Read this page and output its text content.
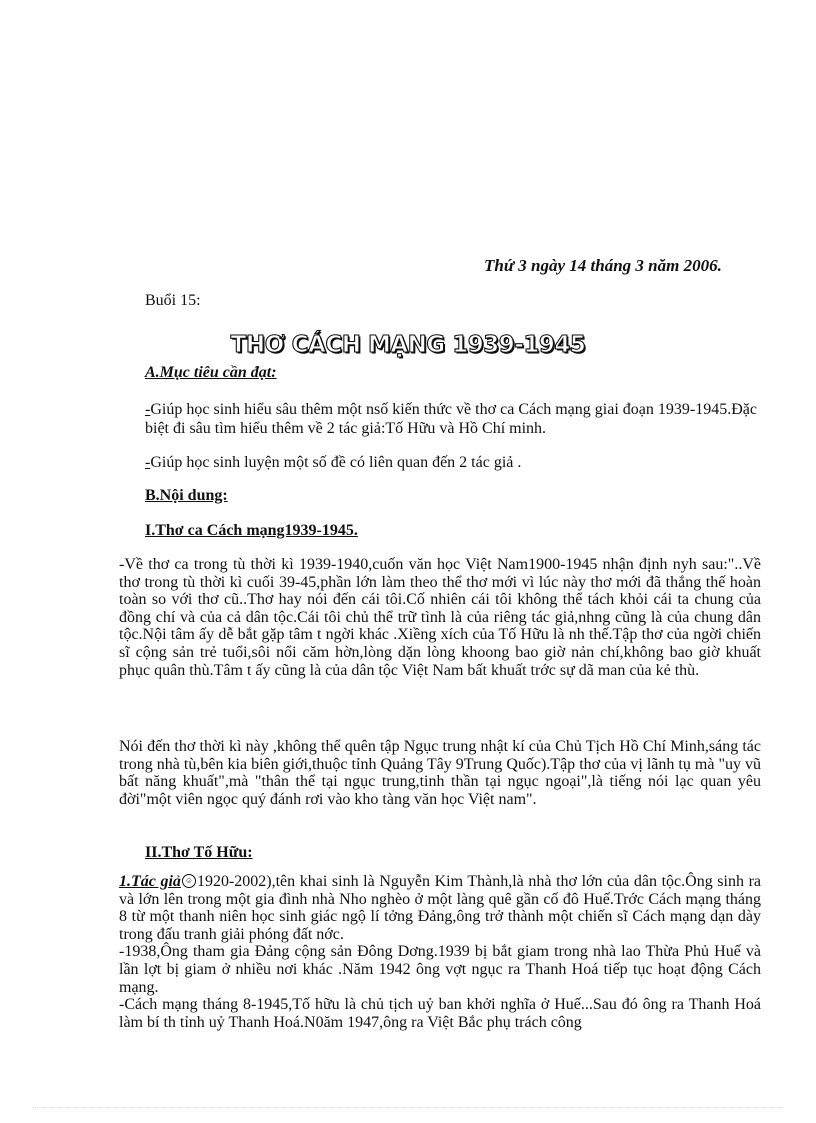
Thứ 3 ngày 14 tháng 3 năm 2006.
Buổi 15:
THƠ CÁCH MẠNG 1939-1945
A.Mục tiêu cần đạt:
-Giúp học sinh hiểu sâu thêm một nsố kiến thức về thơ ca Cách mạng giai đoạn 1939-1945.Đặc biệt đi sâu tìm hiểu thêm về 2 tác giả:Tố Hữu và Hồ Chí minh.
-Giúp học sinh luyện một số đề có liên quan đến 2 tác giả .
B.Nội dung:
I.Thơ ca Cách mạng1939-1945.
-Về thơ ca trong tù thời kì 1939-1940,cuốn văn học Việt Nam1900-1945 nhận định nyh sau:"..Về thơ trong tù thời kì cuối 39-45,phần lớn làm theo thể thơ mới vì lúc này thơ mới đã thắng thế hoàn toàn so với thơ cũ..Thơ hay nói đến cái tôi.Cố nhiên cái tôi không thể tách khỏi cái ta chung của đồng chí và của cả dân tộc.Cái tôi chủ thể trữ tình là của riêng tác giả,nhng cũng là của chung dân tộc.Nội tâm ấy dễ bắt gặp tâm t ngời khác .Xiềng xích của Tố Hữu là nh thế.Tập thơ của ngời chiến sĩ cộng sản trẻ tuổi,sôi nổi căm hờn,lòng dặn lòng khoong bao giờ nản chí,không bao giờ khuất phục quân thù.Tâm t ấy cũng là của dân tộc Việt Nam bất khuất trớc sự dã man của kẻ thù.
Nói đến thơ thời kì này ,không thể quên tập Ngục trung nhật kí của Chủ Tịch Hồ Chí Minh,sáng tác trong nhà tù,bên kia biên giới,thuộc tỉnh Quảng Tây 9Trung Quốc).Tập thơ của vị lãnh tụ mà "uy vũ bất năng khuất",mà "thân thể tại ngục trung,tinh thần tại ngục ngoại",là tiếng nói lạc quan yêu đời"một viên ngọc quý đánh rơi vào kho tàng văn học Việt nam".
II.Thơ Tố Hữu:
1.Tác giả ☺ 1920-2002),tên khai sinh là Nguyễn Kim Thành,là nhà thơ lớn của dân tộc.Ông sinh ra và lớn lên trong một gia đình nhà Nho nghèo ở một làng quê gần cố đô Huế.Trớc Cách mạng tháng 8 từ một thanh niên học sinh giác ngộ lí tởng Đảng,ông trở thành một chiến sĩ Cách mạng dạn dày trong đấu tranh giải phóng đất nớc.
-1938,Ông tham gia Đảng cộng sản Đông Dơng.1939 bị bắt giam trong nhà lao Thừa Phủ Huế và lần lợt bị giam ở nhiều nơi khác .Năm 1942 ông vợt ngục ra Thanh Hoá tiếp tục hoạt động Cách mạng.
-Cách mạng tháng 8-1945,Tố hữu là chủ tịch uỷ ban khởi nghĩa ở Huế...Sau đó ông ra Thanh Hoá làm bí th tỉnh uỷ Thanh Hoá.N0ăm 1947,ông ra Việt Bắc phụ trách công
